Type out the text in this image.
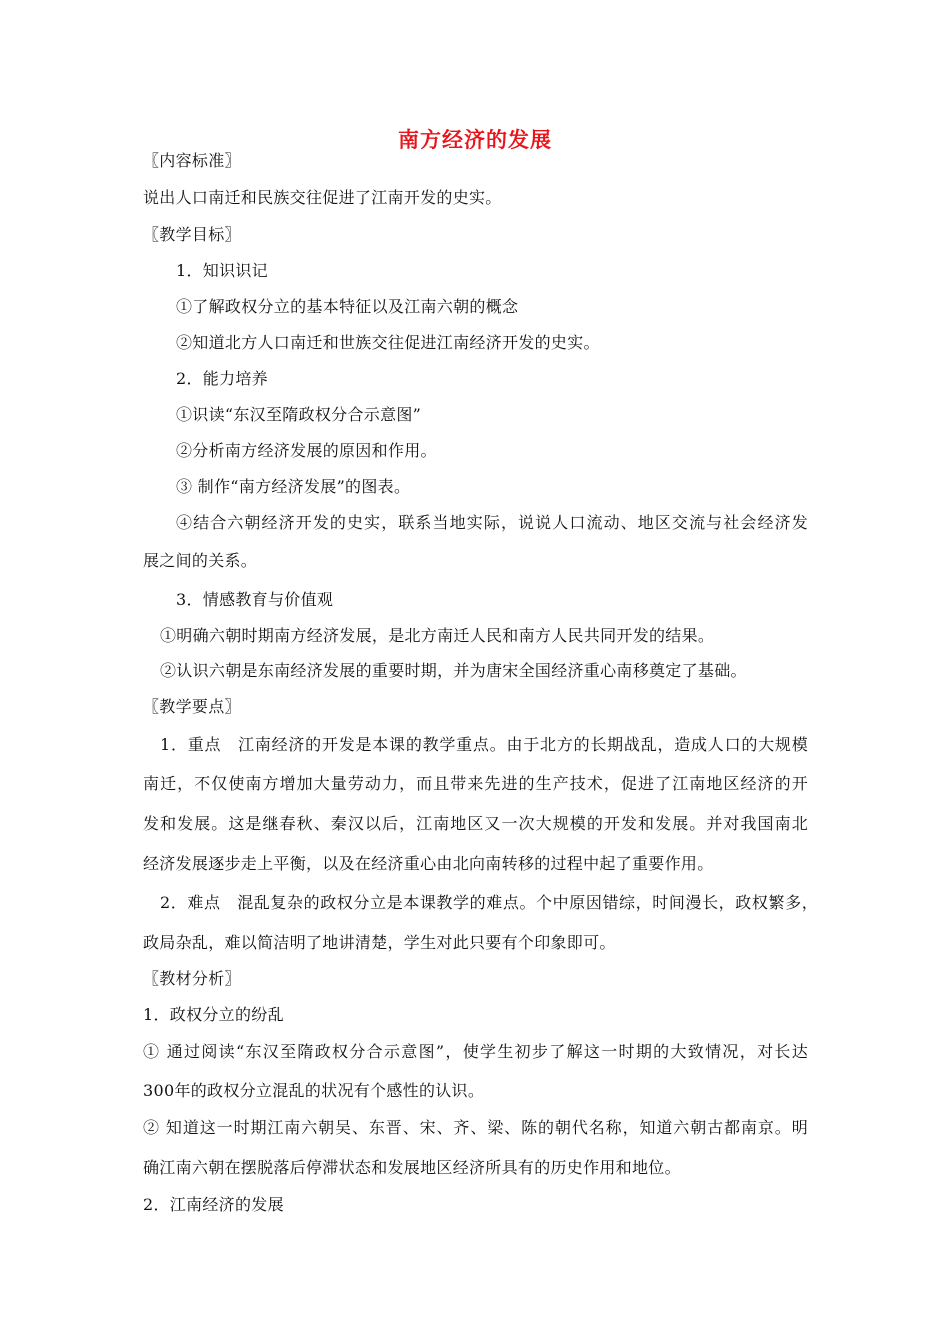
南方经济的发展
〖内容标准〗
说出人口南迁和民族交往促进了江南开发的史实。
〖教学目标〗
1．知识识记
①了解政权分立的基本特征以及江南六朝的概念
②知道北方人口南迁和世族交往促进江南经济开发的史实。
2．能力培养
①识读“东汉至隋政权分合示意图”
②分析南方经济发展的原因和作用。
③ 制作“南方经济发展”的图表。
④结合六朝经济开发的史实，联系当地实际，说说人口流动、地区交流与社会经济发
展之间的关系。
3．情感教育与价值观
①明确六朝时期南方经济发展，是北方南迁人民和南方人民共同开发的结果。
②认识六朝是东南经济发展的重要时期，并为唐宋全国经济重心南移奠定了基础。
〖教学要点〗
1．重点　江南经济的开发是本课的教学重点。由于北方的长期战乱，造成人口的大规模
南迁，不仅使南方增加大量劳动力，而且带来先进的生产技术，促进了江南地区经济的开
发和发展。这是继春秋、秦汉以后，江南地区又一次大规模的开发和发展。并对我国南北
经济发展逐步走上平衡，以及在经济重心由北向南转移的过程中起了重要作用。
2．难点　混乱复杂的政权分立是本课教学的难点。个中原因错综，时间漫长，政权繁多，
政局杂乱，难以简洁明了地讲清楚，学生对此只要有个印象即可。
〖教材分析〗
1．政权分立的纷乱
① 通过阅读“东汉至隋政权分合示意图”，使学生初步了解这一时期的大致情况，对长达
300年的政权分立混乱的状况有个感性的认识。
② 知道这一时期江南六朝吴、东晋、宋、齐、梁、陈的朝代名称，知道六朝古都南京。明
确江南六朝在摆脱落后停滞状态和发展地区经济所具有的历史作用和地位。
2．江南经济的发展
